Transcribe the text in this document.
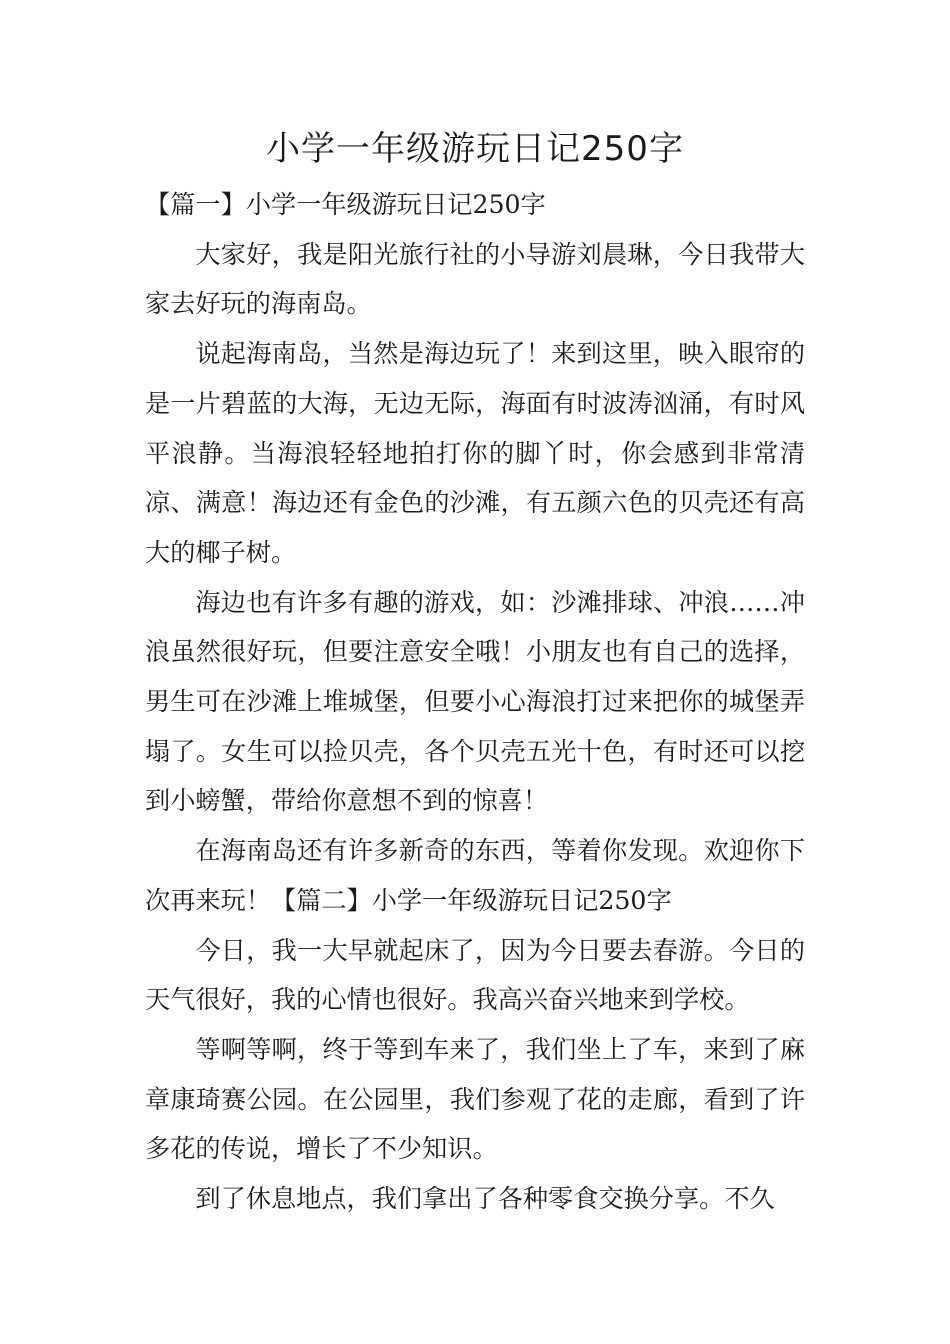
小学一年级游玩日记250字

【篇一】小学一年级游玩日记250字

大家好，我是阳光旅行社的小导游刘晨琳，今日我带大家去好玩的海南岛。

说起海南岛，当然是海边玩了！来到这里，映入眼帘的是一片碧蓝的大海，无边无际，海面有时波涛汹涌，有时风平浪静。当海浪轻轻地拍打你的脚丫时，你会感到非常清凉、满意！海边还有金色的沙滩，有五颜六色的贝壳还有高大的椰子树。

海边也有许多有趣的游戏，如：沙滩排球、冲浪……冲浪虽然很好玩，但要注意安全哦！小朋友也有自己的选择，男生可在沙滩上堆城堡，但要小心海浪打过来把你的城堡弄塌了。女生可以捡贝壳，各个贝壳五光十色，有时还可以挖到小螃蟹，带给你意想不到的惊喜！

在海南岛还有许多新奇的东西，等着你发现。欢迎你下次再来玩！【篇二】小学一年级游玩日记250字

今日，我一大早就起床了，因为今日要去春游。今日的天气很好，我的心情也很好。我高兴奋兴地来到学校。

等啊等啊，终于等到车来了，我们坐上了车，来到了麻章康琦赛公园。在公园里，我们参观了花的走廊，看到了许多花的传说，增长了不少知识。

到了休息地点，我们拿出了各种零食交换分享。不久
